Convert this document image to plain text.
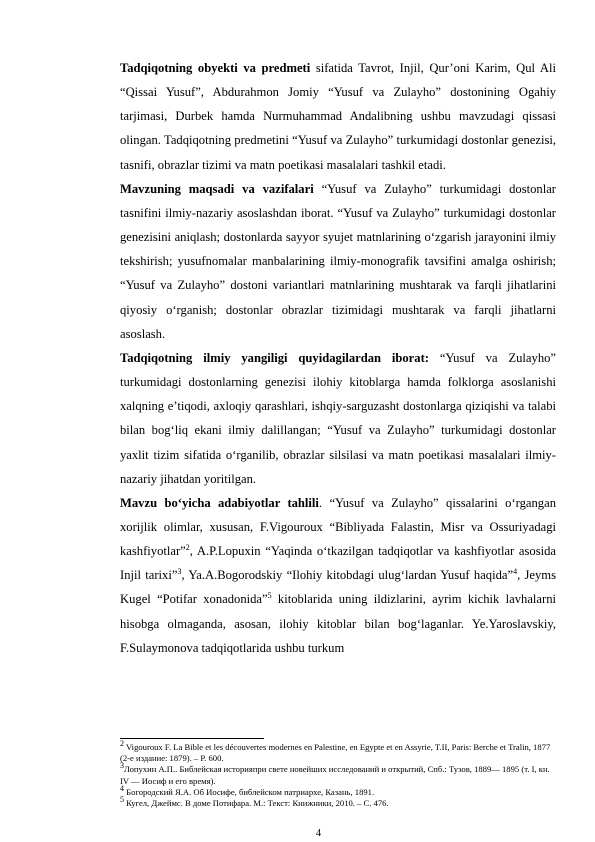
Tadqiqotning obyekti va predmeti sifatida Tavrot, Injil, Qur’oni Karim, Qul Ali “Qissai Yusuf”, Abdurahmon Jomiy “Yusuf va Zulayho” dostonining Ogahiy tarjimasi, Durbek hamda Nurmuhammad Andalibning ushbu mavzudagi qissasi olingan. Tadqiqotning predmetini “Yusuf va Zulayho” turkumidagi dostonlar genezisi, tasnifi, obrazlar tizimi va matn poetikasi masalalari tashkil etadi.

Mavzuning maqsadi va vazifalari “Yusuf va Zulayho” turkumidagi dostonlar tasnifini ilmiy-nazariy asoslashdan iborat. “Yusuf va Zulayho” turkumidagi dostonlar genezisini aniqlash; dostonlarda sayyor syujet matnlarining o‘zgarish jarayonini ilmiy tekshirish; yusufnomalar manbalarining ilmiy-monografik tavsifini amalga oshirish; “Yusuf va Zulayho” dostoni variantlari matnlarining mushtarak va farqli jihatlarini qiyosiy o‘rganish; dostonlar obrazlar tizimidagi mushtarak va farqli jihatlarni asoslash.

Tadqiqotning ilmiy yangiligi quyidagilardan iborat: “Yusuf va Zulayho” turkumidagi dostonlarning genezisi ilohiy kitoblarga hamda folklorga asoslanishi xalqning e’tiqodi, axloqiy qarashlari, ishqiy-sarguzasht dostonlarga qiziqishi va talabi bilan bog‘liq ekani ilmiy dalillangan; “Yusuf va Zulayho” turkumidagi dostonlar yaxlit tizim sifatida o‘rganilib, obrazlar silsilasi va matn poetikasi masalalari ilmiy-nazariy jihatdan yoritilgan.

Mavzu bo‘yicha adabiyotlar tahlili. “Yusuf va Zulayho” qissalarini o‘rgangan xorijlik olimlar, xususan, F.Vigouroux “Bibliyada Falastin, Misr va Ossuriyadagi kashfiyotlar”$^2$, A.P.Lopuxin “Yaqinda o‘tkazilgan tadqiqotlar va kashfiyotlar asosida Injil tarixi”$^3$, Ya.A.Bogorodskiy “Ilohiy kitobdagi ulug‘lardan Yusuf haqida”$^4$, Jeyms Kugel “Potifar xonadonida”$^5$ kitoblarida uning ildizlarini, ayrim kichik lavhalarni hisobga olmaganda, asosan, ilohiy kitoblar bilan bog‘laganlar. Ye.Yaroslavskiy, F.Sulaymonova tadqiqotlarida ushbu turkum

$^2$ Vigouroux F. La Bible et les découvertes modernes en Palestine, en Egypte et en Assyrie, T.II, Paris: Berche et Tralin, 1877 (2-e издание: 1879). – P. 600.

$^3$Лопухин А.П.. Библейская историяпри свете новейших исследований и открытий, Спб.: Тузов, 1889— 1895 (т. I, кн. IV — Иосиф и его время).

$^4$ Богородский Я.А. Об Иосифе, библейском патриархе, Казань, 1891.

$^5$ Кугел, Джеймс. В доме Потифара. М.: Текст: Книжники, 2010. – С. 476.

4
